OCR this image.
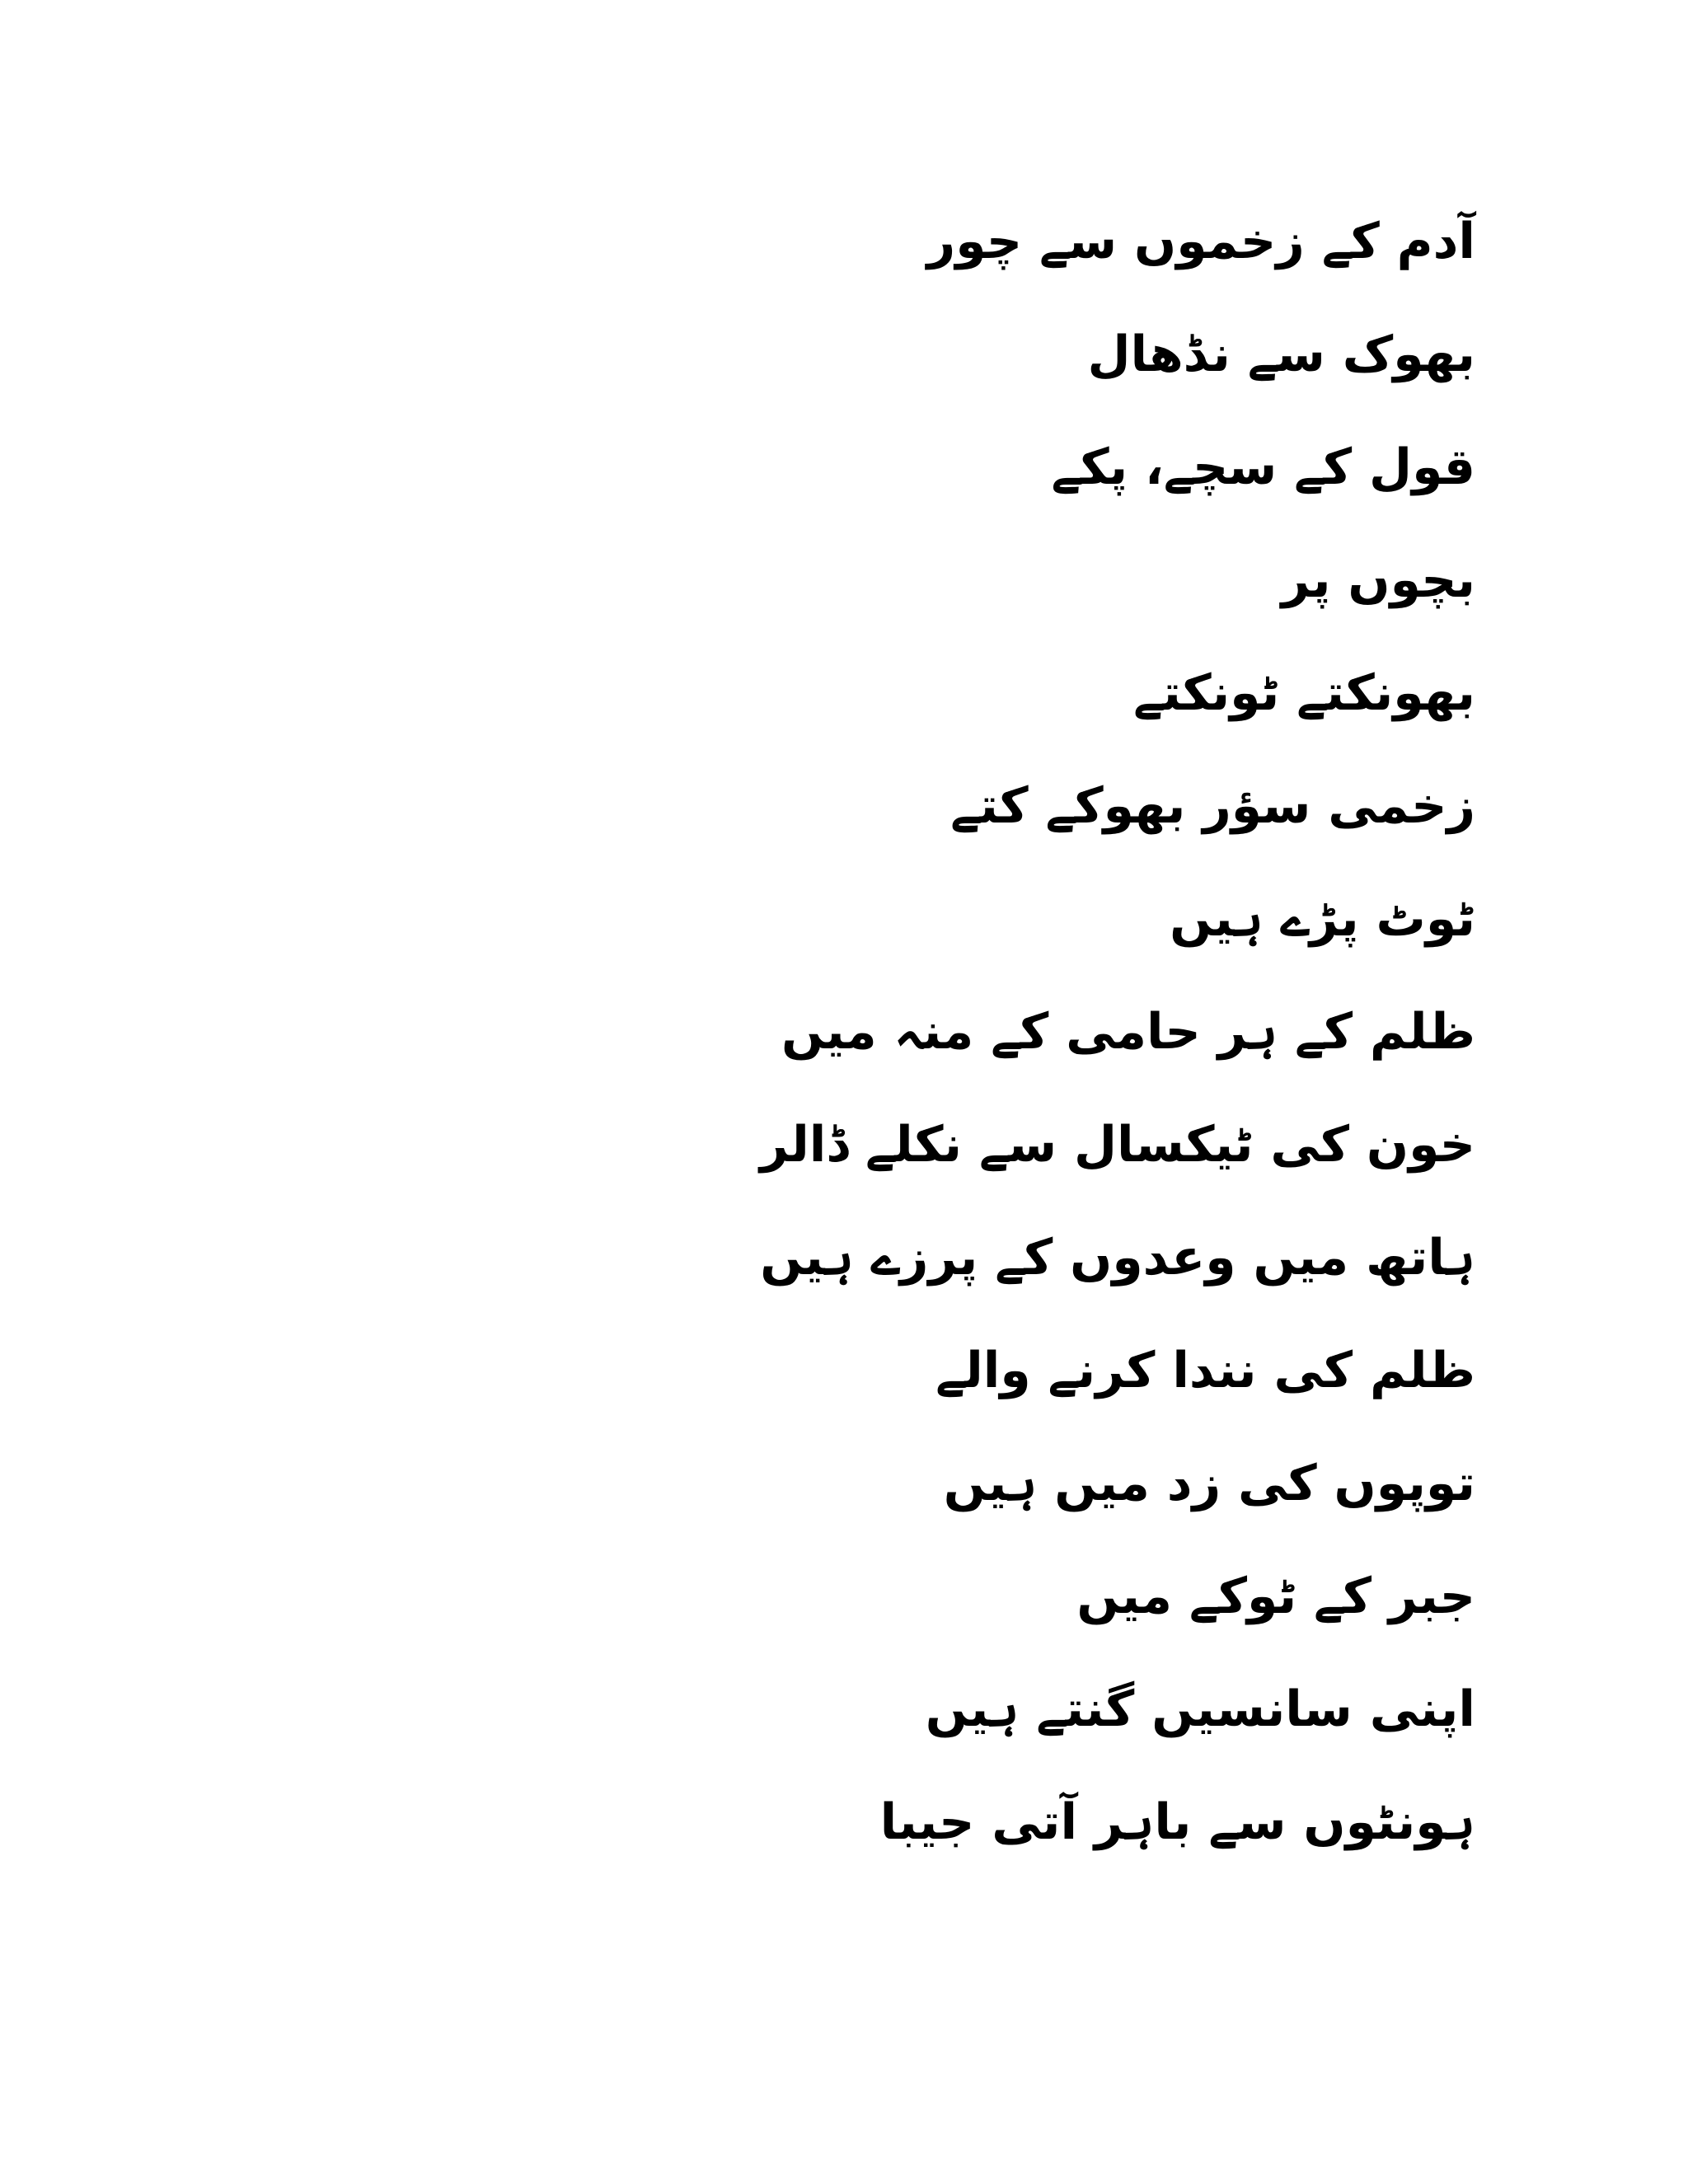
آدم کے زخموں سے چور
بھوک سے نڈھال
قول کے سچے، پکے
بچوں پر
بھونکتے ٹونکتے
زخمی سؤر بھوکے کتے
ٹوٹ پڑے ہیں
ظلم کے ہر حامی کے منہ میں
خون کی ٹیکسال سے نکلے ڈالر
ہاتھ میں وعدوں کے پرزے ہیں
ظلم کی نندا کرنے والے
توپوں کی زد میں ہیں
جبر کے ٹوکے میں
اپنی سانسیں گنتے ہیں
ہونٹوں سے باہر آتی جیبا
